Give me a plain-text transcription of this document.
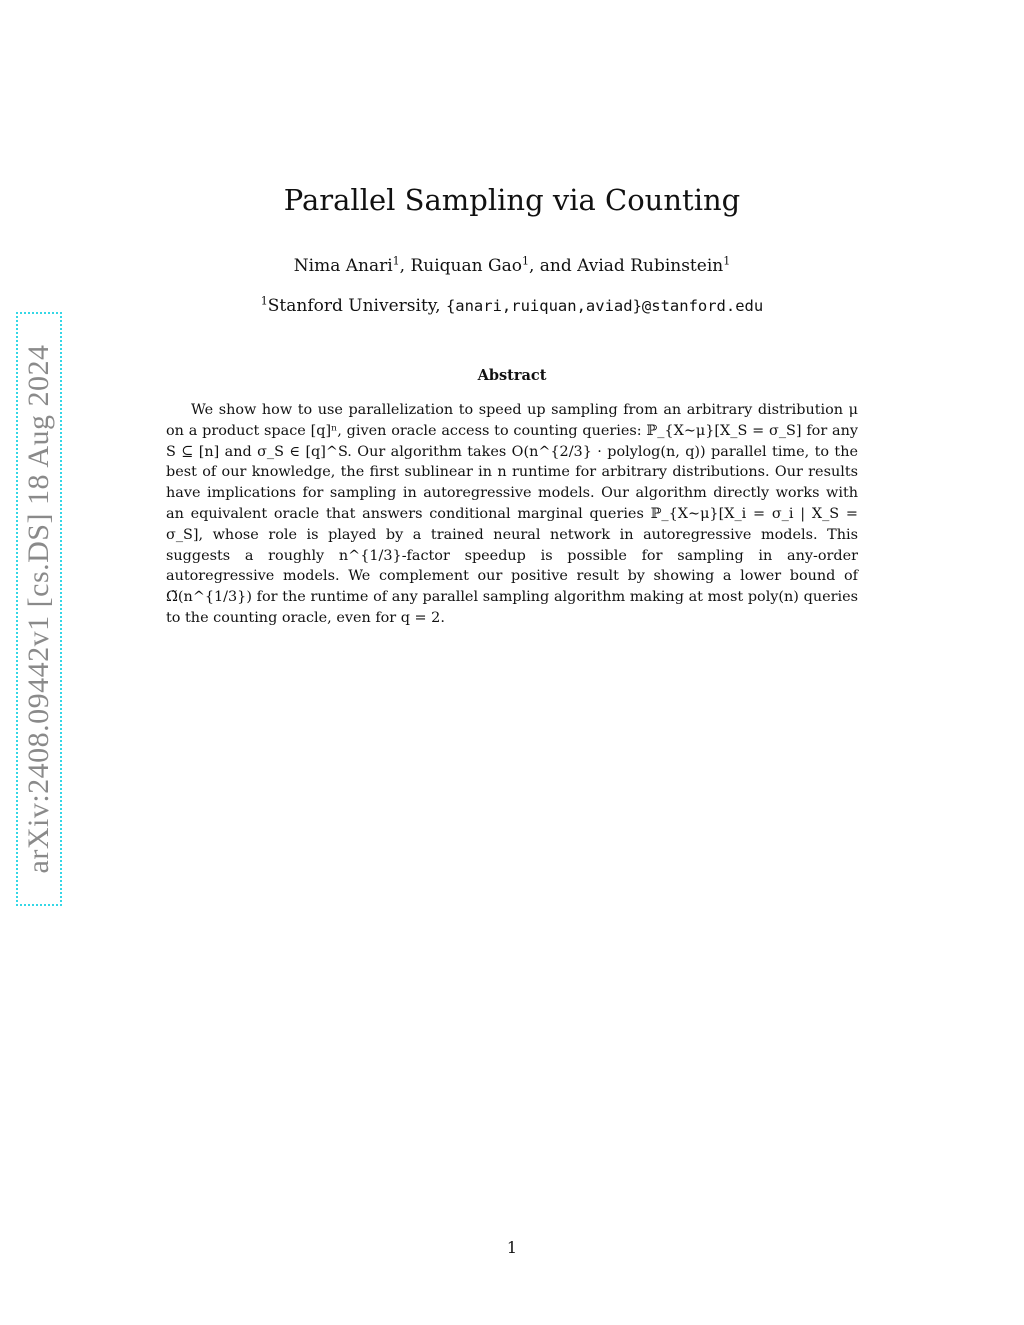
arXiv:2408.09442v1 [cs.DS] 18 Aug 2024
Parallel Sampling via Counting
Nima Anari$^1$, Ruiquan Gao$^1$, and Aviad Rubinstein$^1$
$^1$Stanford University, {anari,ruiquan,aviad}@stanford.edu
Abstract

We show how to use parallelization to speed up sampling from an arbitrary distribution μ on a product space [q]ⁿ, given oracle access to counting queries: ℙ_{X∼μ}[X_S = σ_S] for any S ⊆ [n] and σ_S ∈ [q]^S. Our algorithm takes O(n^{2/3} · polylog(n, q)) parallel time, to the best of our knowledge, the first sublinear in n runtime for arbitrary distributions. Our results have implications for sampling in autoregressive models. Our algorithm directly works with an equivalent oracle that answers conditional marginal queries ℙ_{X∼μ}[X_i = σ_i | X_S = σ_S], whose role is played by a trained neural network in autoregressive models. This suggests a roughly n^{1/3}-factor speedup is possible for sampling in any-order autoregressive models. We complement our positive result by showing a lower bound of Ω̃(n^{1/3}) for the runtime of any parallel sampling algorithm making at most poly(n) queries to the counting oracle, even for q = 2.

1
